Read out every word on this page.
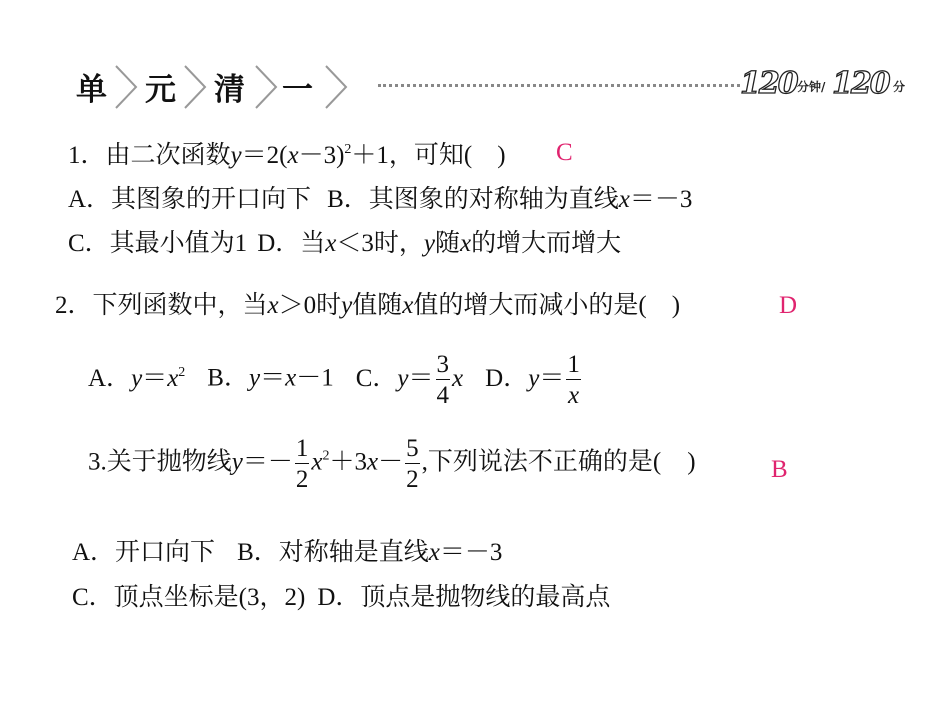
单 元 清 一	120 分钟/ 120 分
1．由二次函数$y=2(x-3)^2+1$，可知(　) C
A．其图象的开口向下 B．其图象的对称轴为直线x＝－3
C．其最小值为1 D．当x＜3时，y随x的增大而增大
2．下列函数中，当x＞0时y值随x值的增大而减小的是(　)	D
A．$y=x^2$ B．y＝x－1 C．$y= \frac{3}{4}$ x D．$y= \frac{1}{x}$
3.关于抛物线$y=- \frac{1}{2} x^2+3x- \frac{5}{2}$ ,下列说法不正确的是( )	B
A．开口向下 B．对称轴是直线x＝－3
C．顶点坐标是(3，2) D．顶点是抛物线的最高点
